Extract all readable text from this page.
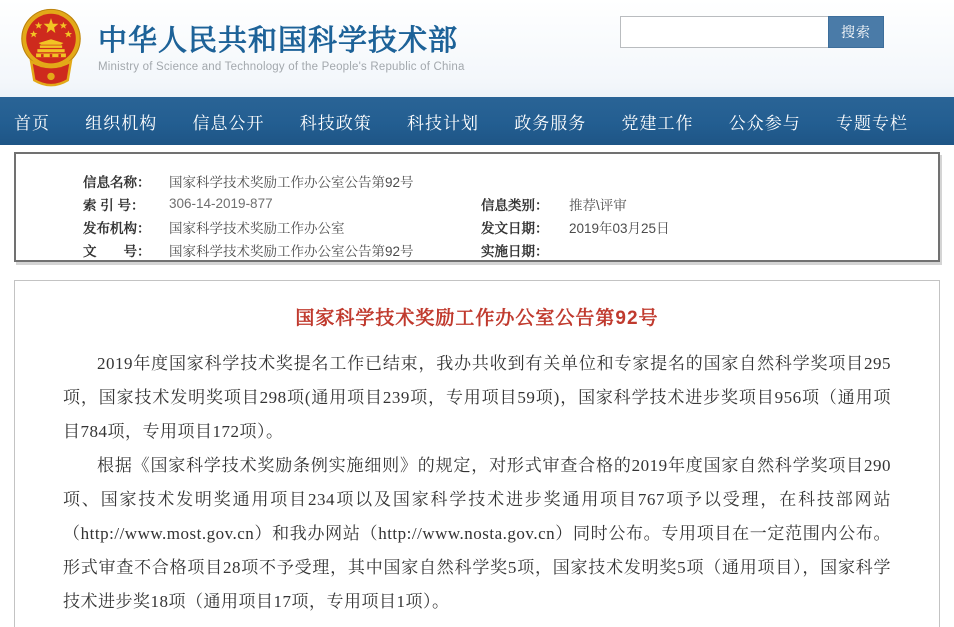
中华人民共和国科学技术部
Ministry of Science and Technology of the People's Republic of China
搜索
首页 组织机构 信息公开 科技政策 科技计划 政务服务 党建工作 公众参与 专题专栏
信息名称：	国家科学技术奖励工作办公室公告第92号
索 引 号：	306-14-2019-877	信息类别：	推荐\评审
发布机构：	国家科学技术奖励工作办公室	发文日期：	2019年03月25日
文　　号：	国家科学技术奖励工作办公室公告第92号	实施日期：
国家科学技术奖励工作办公室公告第92号

2019年度国家科学技术奖提名工作已结束，我办共收到有关单位和专家提名的国家自然科学奖项目295项，国家技术发明奖项目298项(通用项目239项，专用项目59项)，国家科学技术进步奖项目956项（通用项目784项，专用项目172项）。

根据《国家科学技术奖励条例实施细则》的规定，对形式审查合格的2019年度国家自然科学奖项目290项、国家技术发明奖通用项目234项以及国家科学技术进步奖通用项目767项予以受理，在科技部网站（http://www.most.gov.cn）和我办网站（http://www.nosta.gov.cn）同时公布。专用项目在一定范围内公布。形式审查不合格项目28项不予受理，其中国家自然科学奖5项，国家技术发明奖5项（通用项目），国家科学技术进步奖18项（通用项目17项，专用项目1项）。
